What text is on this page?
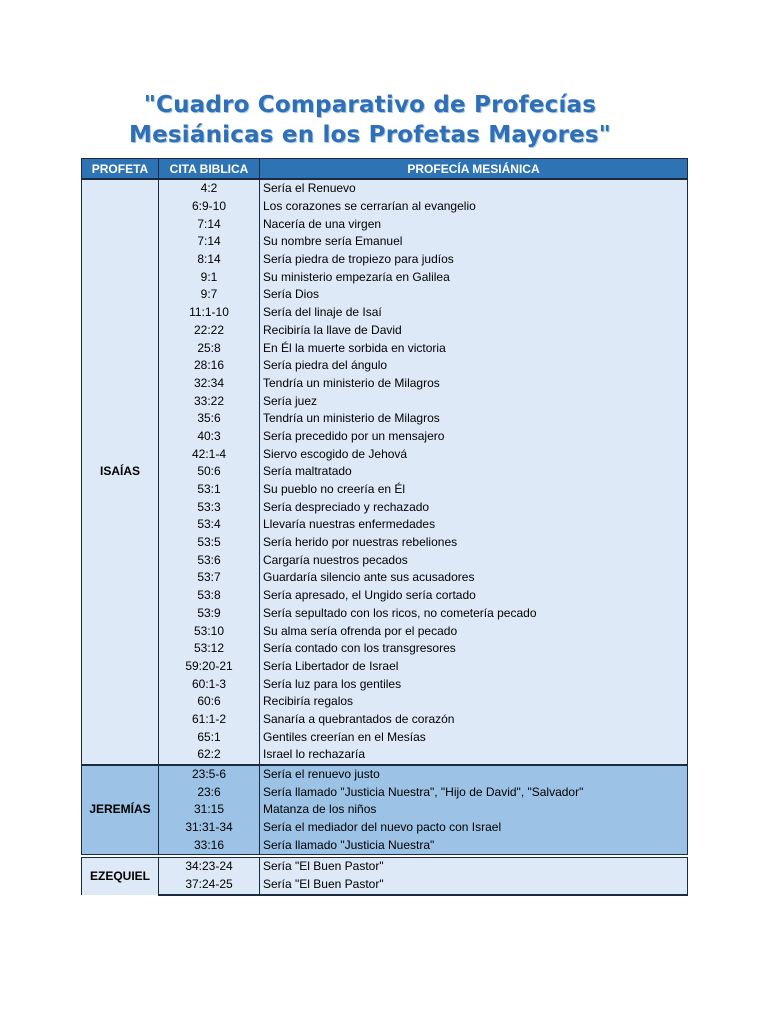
"Cuadro Comparativo de Profecías
Mesiánicas en los Profetas Mayores"
PROFETA	CITA BIBLICA	PROFECÍA MESIÁNICA
ISAÍAS	4:2	Sería el Renuevo
	6:9-10	Los corazones se cerrarían al evangelio
	7:14	Nacería de una virgen
	7:14	Su nombre sería Emanuel
	8:14	Sería piedra de tropiezo para judíos
	9:1	Su ministerio empezaría en Galilea
	9:7	Sería Dios
	11:1-10	Sería del linaje de Isaí
	22:22	Recibiría la llave de David
	25:8	En Él la muerte sorbida en victoria
	28:16	Sería piedra del ángulo
	32:34	Tendría un ministerio de Milagros
	33:22	Sería juez
	35:6	Tendría un ministerio de Milagros
	40:3	Sería precedido por un mensajero
	42:1-4	Siervo escogido de Jehová
	50:6	Sería maltratado
	53:1	Su pueblo no creería en Él
	53:3	Sería despreciado y rechazado
	53:4	Llevaría nuestras enfermedades
	53:5	Sería herido por nuestras rebeliones
	53:6	Cargaría nuestros pecados
	53:7	Guardaría silencio ante sus acusadores
	53:8	Sería apresado, el Ungido sería cortado
	53:9	Sería sepultado con los ricos, no cometería pecado
	53:10	Su alma sería ofrenda por el pecado
	53:12	Sería contado con los transgresores
	59:20-21	Sería Libertador de Israel
	60:1-3	Sería luz para los gentiles
	60:6	Recibiría regalos
	61:1-2	Sanaría a quebrantados de corazón
	65:1	Gentiles creerían en el Mesías
	62:2	Israel lo rechazaría
JEREMÍAS	23:5-6	Sería el renuevo justo
	23:6	Sería llamado "Justicia Nuestra", "Hijo de David", "Salvador"
	31:15	Matanza de los niños
	31:31-34	Sería el mediador del nuevo pacto con Israel
	33:16	Sería llamado "Justicia Nuestra"
EZEQUIEL	34:23-24	Sería "El Buen Pastor"
	37:24-25	Sería "El Buen Pastor"
